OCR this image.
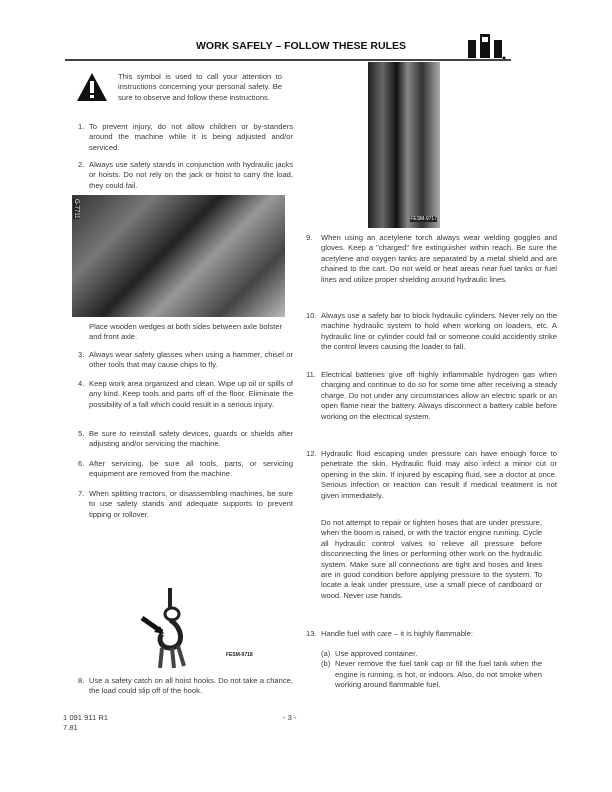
WORK SAFELY – FOLLOW THESE RULES
This symbol is used to call your attention to instructions concerning your personal safety. Be sure to observe and follow these instructions.
1. To prevent injury, do not allow children or by-standers around the machine while it is being adjusted and/or serviced.
2. Always use safety stands in conjunction with hydraulic jacks or hoists. Do not rely on the jack or hoist to carry the load, they could fail.
G-7711
Place wooden wedges at both sides between axle bolster and front axle.
3. Always wear safety glasses when using a hammer, chisel or other tools that may cause chips to fly.
4. Keep work area organized and clean. Wipe up oil or spills of any kind. Keep tools and parts off of the floor. Eliminate the possibility of a fall which could result in a serious injury.
5. Be sure to reinstall safety devices, guards or shields after adjusting and/or servicing the machine.
6. After servicing, be sure all tools, parts, or servicing equipment are removed from the machine.
7. When splitting tractors, or disassembling machines, be sure to use safety stands and adequate supports to prevent tipping or rollover.
FESM-9718
8. Use a safety catch on all hoist hooks. Do not take a chance, the load could slip off of the hook.
FESM-9717
9. When using an acetylene torch always wear welding goggles and gloves. Keep a "charged" fire extinguisher within reach. Be sure the acetylene and oxygen tanks are separated by a metal shield and are chained to the cart. Do not weld or heat areas near fuel tanks or fuel lines and utilize proper shielding around hydraulic lines.
10. Always use a safety bar to block hydraulic cylinders. Never rely on the machine hydraulic system to hold when working on loaders, etc. A hydraulic line or cylinder could fail or someone could accidently strike the control levers causing the loader to fall.
11. Electrical batteries give off highly inflammable hydrogen gas when charging and continue to do so for some time after receiving a steady charge. Do not under any circumstances allow an electric spark or an open flame near the battery. Always disconnect a battery cable before working on the electrical system.
12. Hydraulic fluid escaping under pressure can have enough force to penetrate the skin. Hydraulic fluid may also infect a minor cut or opening in the skin. If injured by escaping fluid, see a doctor at once. Serious infection or reaction can result if medical treatment is not given immediately.
Do not attempt to repair or tighten hoses that are under pressure, when the boom is raised, or with the tractor engine running. Cycle all hydraulic control valves to relieve all pressure before disconnecting the lines or performing other work on the hydraulic system. Make sure all connections are tight and hoses and lines are in good condition before applying pressure to the system. To locate a leak under pressure, use a small piece of cardboard or wood. Never use hands.
13. Handle fuel with care – it is highly flammable:
(a) Use approved container.
(b) Never remove the fuel tank cap or fill the fuel tank when the engine is running, is hot, or indoors. Also, do not smoke when working around flammable fuel.
1 091 911 R1
7.81
- 3 -
